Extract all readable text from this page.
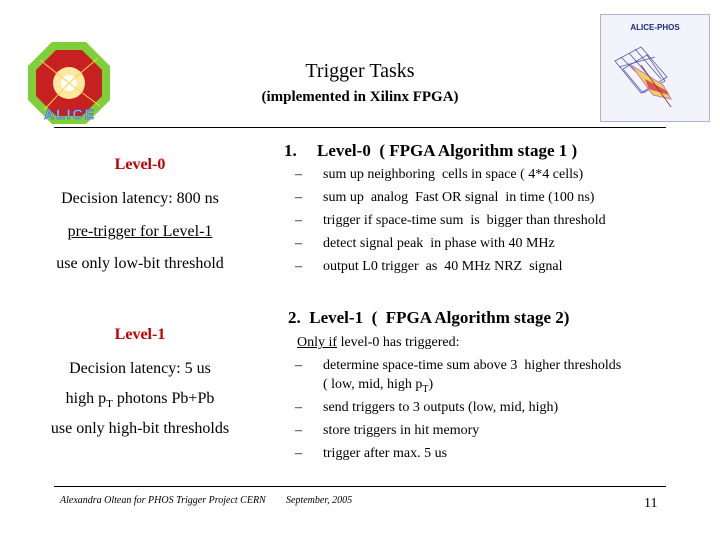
ALICE
ALICE-PHOS
Trigger Tasks
(implemented in Xilinx FPGA)
Level-0
Decision latency: 800 ns
pre-trigger for Level-1
use only low-bit threshold
Level-1
Decision latency: 5 us
high $p_T$ photons Pb+Pb
use only high-bit thresholds
1. Level-0  ( FPGA Algorithm stage 1 )
– sum up neighboring  cells in space ( 4*4 cells)
– sum up  analog  Fast OR signal  in time (100 ns)
– trigger if space-time sum  is  bigger than threshold
– detect signal peak  in phase with 40 MHz
– output L0 trigger  as  40 MHz NRZ  signal
2.  Level-1  (  FPGA Algorithm stage 2)
Only if level-0 has triggered:
– determine space-time sum above 3  higher thresholds
( low, mid, high $p_T$)
– send triggers to 3 outputs (low, mid, high)
– store triggers in hit memory
– trigger after max. 5 us
Alexandra Oltean for PHOS Trigger Project CERN September, 2005	11
